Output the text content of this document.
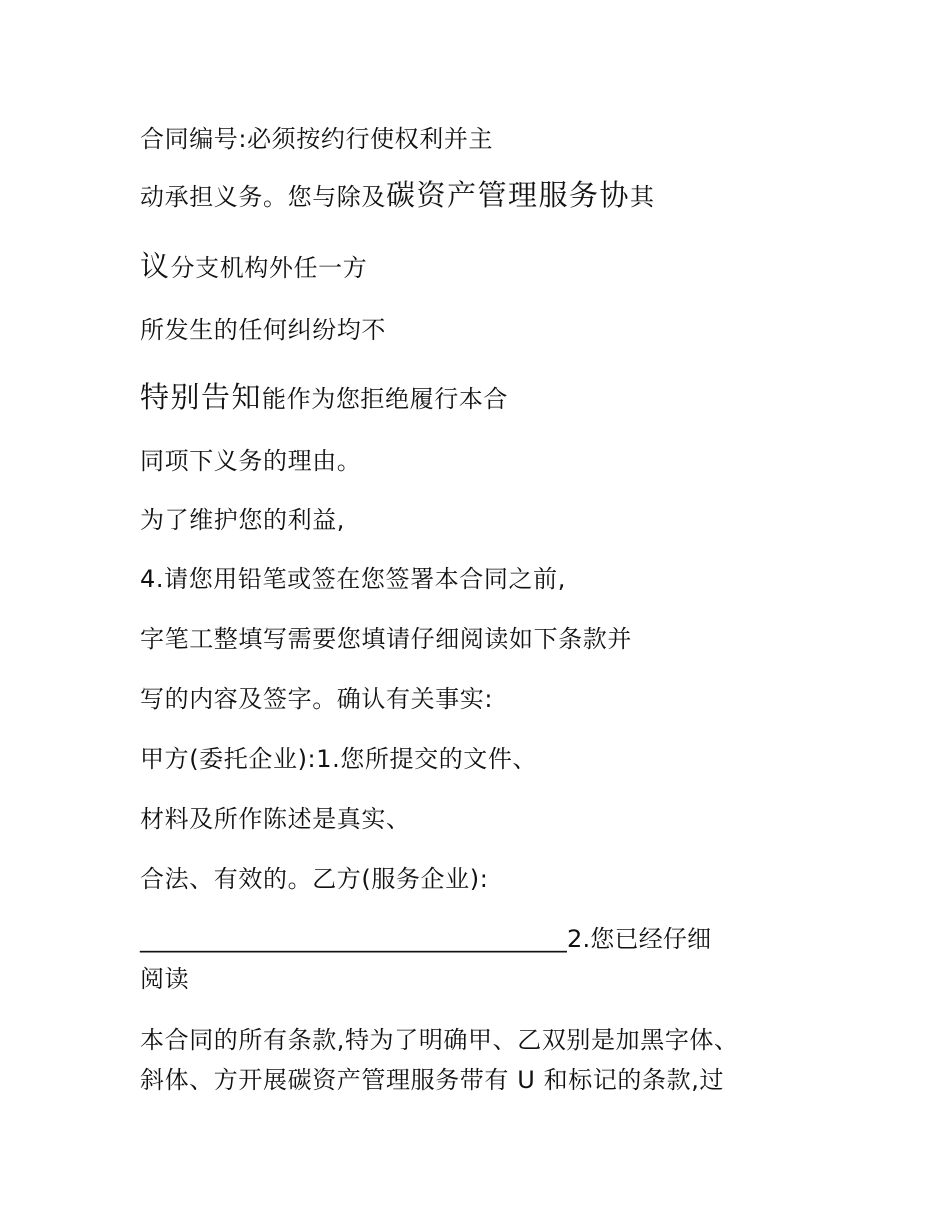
合同编号:必须按约行使权利并主
动承担义务。您与除及碳资产管理服务协其
议分支机构外任一方
所发生的任何纠纷均不
特别告知能作为您拒绝履行本合
同项下义务的理由。
为了维护您的利益,
4.请您用铅笔或签在您签署本合同之前,
字笔工整填写需要您填请仔细阅读如下条款并
写的内容及签字。确认有关事实:
甲方(委托企业):1.您所提交的文件、
材料及所作陈述是真实、
合法、有效的。乙方(服务企业):
___________________________________2.您已经仔细
阅读
本合同的所有条款,特为了明确甲、乙双别是加黑字体、
斜体、方开展碳资产管理服务带有 U 和标记的条款,过
